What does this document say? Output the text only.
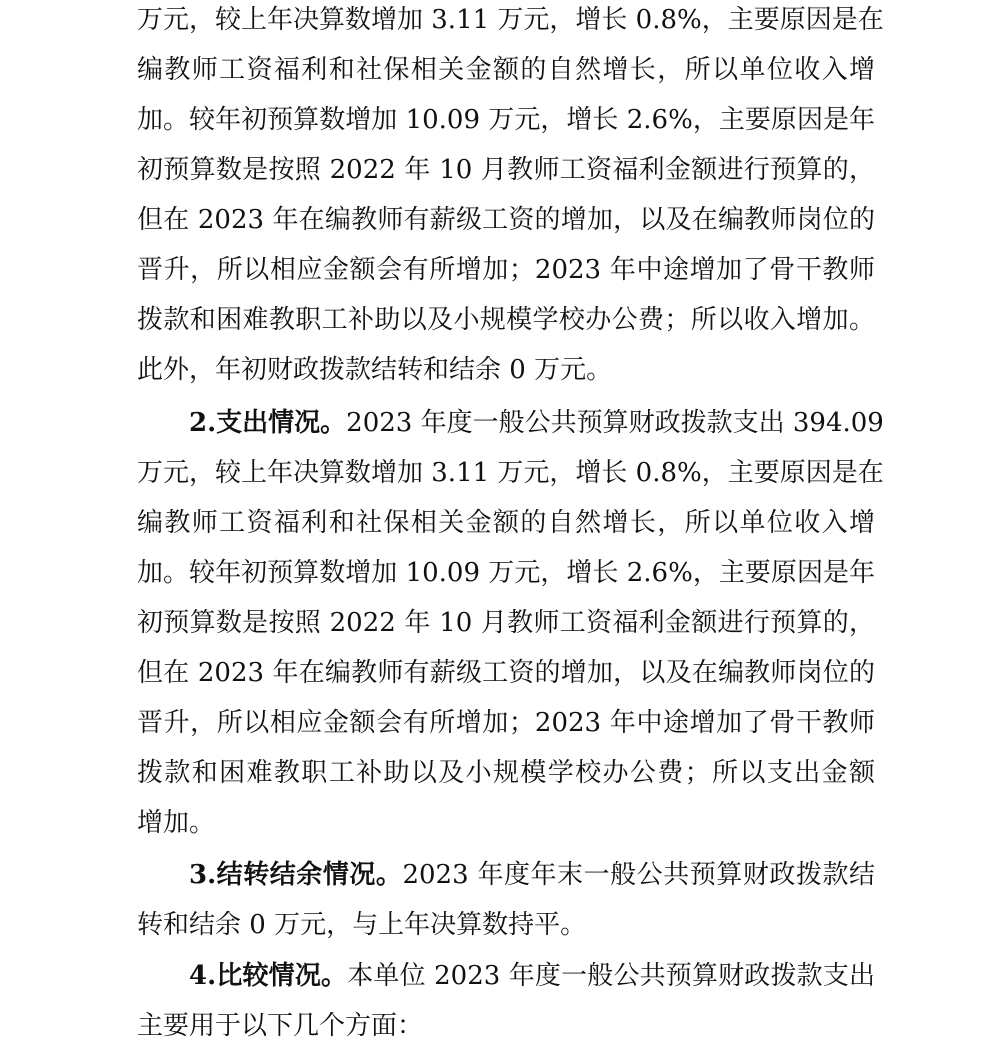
万元，较上年决算数增加 3.11 万元，增长 0.8%，主要原因是在
编教师工资福利和社保相关金额的自然增长，所以单位收入增
加。较年初预算数增加 10.09 万元，增长 2.6%，主要原因是年
初预算数是按照 2022 年 10 月教师工资福利金额进行预算的，
但在 2023 年在编教师有薪级工资的增加，以及在编教师岗位的
晋升，所以相应金额会有所增加；2023 年中途增加了骨干教师
拨款和困难教职工补助以及小规模学校办公费；所以收入增加。
此外，年初财政拨款结转和结余 0 万元。
2.支出情况。2023 年度一般公共预算财政拨款支出 394.09
万元，较上年决算数增加 3.11 万元，增长 0.8%，主要原因是在
编教师工资福利和社保相关金额的自然增长，所以单位收入增
加。较年初预算数增加 10.09 万元，增长 2.6%，主要原因是年
初预算数是按照 2022 年 10 月教师工资福利金额进行预算的，
但在 2023 年在编教师有薪级工资的增加，以及在编教师岗位的
晋升，所以相应金额会有所增加；2023 年中途增加了骨干教师
拨款和困难教职工补助以及小规模学校办公费；所以支出金额
增加。
3.结转结余情况。2023 年度年末一般公共预算财政拨款结
转和结余 0 万元，与上年决算数持平。
4.比较情况。本单位 2023 年度一般公共预算财政拨款支出
主要用于以下几个方面：
